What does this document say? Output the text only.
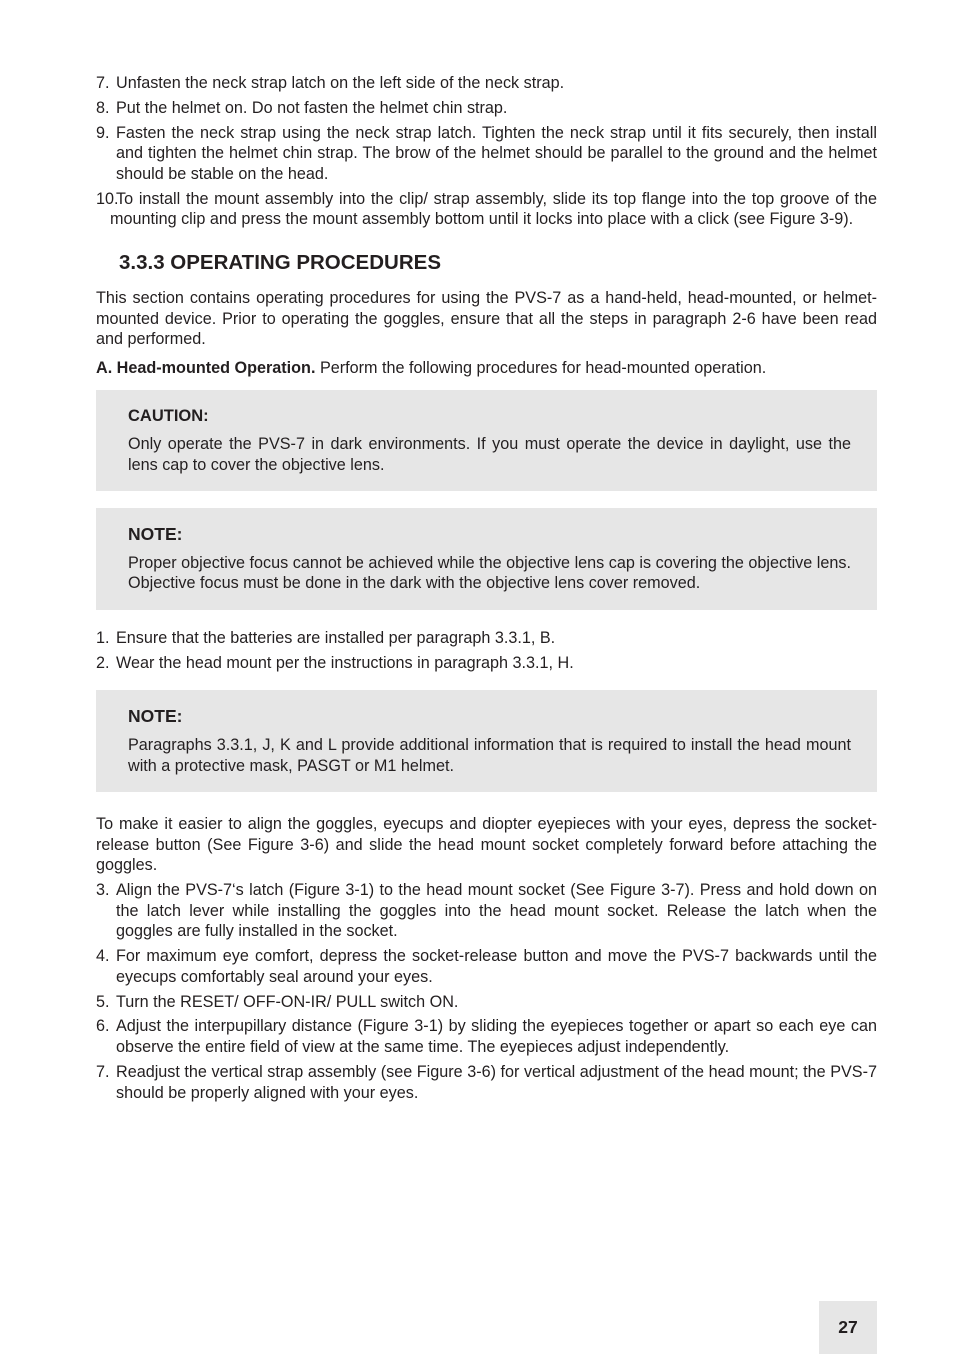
7. Unfasten the neck strap latch on the left side of the neck strap.
8. Put the helmet on. Do not fasten the helmet chin strap.
9. Fasten the neck strap using the neck strap latch. Tighten the neck strap until it fits securely, then install and tighten the helmet chin strap. The brow of the helmet should be parallel to the ground and the helmet should be stable on the head.
10.
To install the mount assembly into the clip/ strap assembly, slide its top flange into the top groove of the mounting clip and press the mount assembly bottom until it locks into place with a click (see Figure 3-9).
3.3.3 OPERATING PROCEDURES

This section contains operating procedures for using the PVS-7 as a hand-held, head-mounted, or helmet-mounted device. Prior to operating the goggles, ensure that all the steps in paragraph 2-6 have been read and performed.

A. Head-mounted Operation. Perform the following procedures for head-mounted operation.

CAUTION:
Only operate the PVS-7 in dark environments. If you must operate the device in daylight, use the lens cap to cover the objective lens.
NOTE:
Proper objective focus cannot be achieved while the objective lens cap is covering the objective lens. Objective focus must be done in the dark with the objective lens cover removed.
1. Ensure that the batteries are installed per paragraph 3.3.1, B.
2. Wear the head mount per the instructions in paragraph 3.3.1, H.
NOTE:
Paragraphs 3.3.1, J, K and L provide additional information that is required to install the head mount with a protective mask, PASGT or M1 helmet.

To make it easier to align the goggles, eyecups and diopter eyepieces with your eyes, depress the socket-release button (See Figure 3-6) and slide the head mount socket completely forward before attaching the goggles.

3. Align the PVS-7‘s latch (Figure 3-1) to the head mount socket (See Figure 3-7). Press and hold down on the latch lever while installing the goggles into the head mount socket. Release the latch when the goggles are fully installed in the socket.
4. For maximum eye comfort, depress the socket-release button and move the PVS-7 backwards until the eyecups comfortably seal around your eyes.
5. Turn the RESET/ OFF-ON-IR/ PULL switch ON.
6. Adjust the interpupillary distance (Figure 3-1) by sliding the eyepieces together or apart so each eye can observe the entire field of view at the same time. The eyepieces adjust independently.
7. Readjust the vertical strap assembly (see Figure 3-6) for vertical adjustment of the head mount; the PVS-7 should be properly aligned with your eyes.
27
